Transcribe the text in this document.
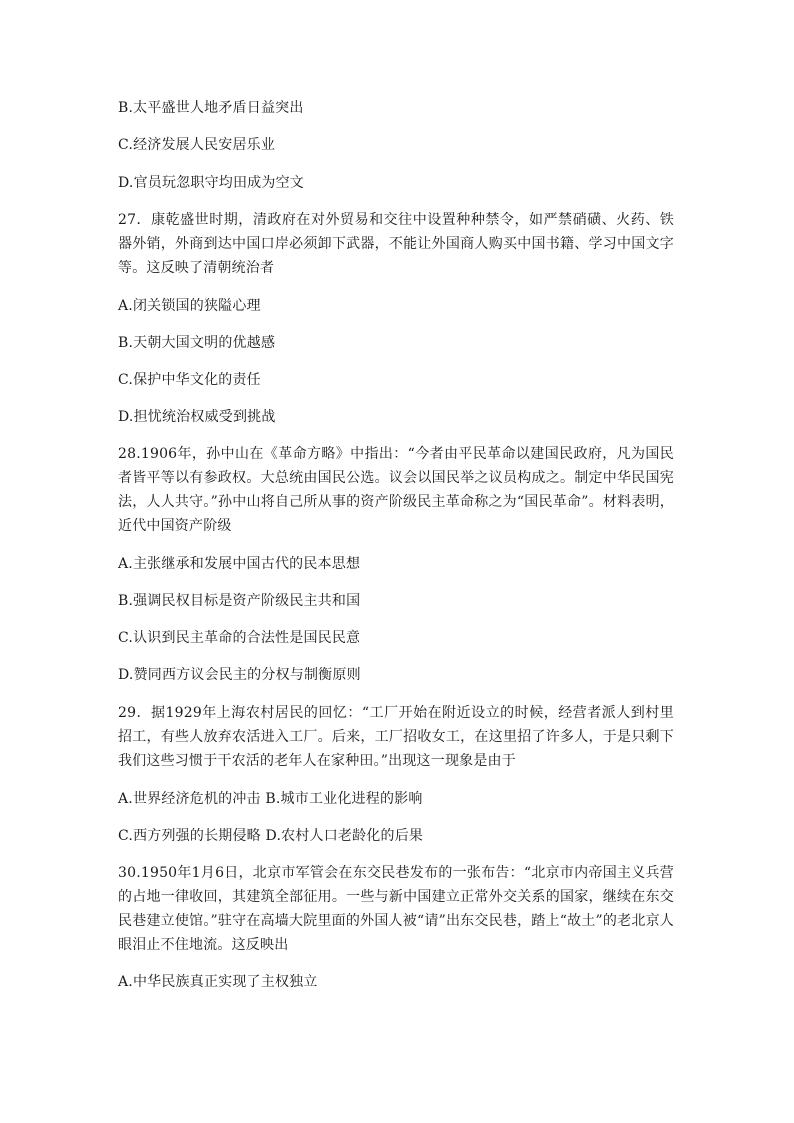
B.太平盛世人地矛盾日益突出
C.经济发展人民安居乐业
D.官员玩忽职守均田成为空文
27．康乾盛世时期，清政府在对外贸易和交往中设置种种禁令，如严禁硝磺、火药、铁器外销，外商到达中国口岸必须卸下武器，不能让外国商人购买中国书籍、学习中国文字等。这反映了清朝统治者
A.闭关锁国的狭隘心理
B.天朝大国文明的优越感
C.保护中华文化的责任
D.担忧统治权威受到挑战
28.1906年，孙中山在《革命方略》中指出：“今者由平民革命以建国民政府，凡为国民者皆平等以有参政权。大总统由国民公选。议会以国民举之议员构成之。制定中华民国宪法，人人共守。”孙中山将自己所从事的资产阶级民主革命称之为“国民革命”。材料表明，近代中国资产阶级
A.主张继承和发展中国古代的民本思想
B.强调民权目标是资产阶级民主共和国
C.认识到民主革命的合法性是国民民意
D.赞同西方议会民主的分权与制衡原则
29．据1929年上海农村居民的回忆：“工厂开始在附近设立的时候，经营者派人到村里招工，有些人放弃农活进入工厂。后来，工厂招收女工，在这里招了许多人，于是只剩下我们这些习惯于干农活的老年人在家种田。”出现这一现象是由于
A.世界经济危机的冲击 B.城市工业化进程的影响
C.西方列强的长期侵略 D.农村人口老龄化的后果
30.1950年1月6日，北京市军管会在东交民巷发布的一张布告：“北京市内帝国主义兵营的占地一律收回，其建筑全部征用。一些与新中国建立正常外交关系的国家，继续在东交民巷建立使馆。”驻守在高墙大院里面的外国人被“请”出东交民巷，踏上“故土”的老北京人眼泪止不住地流。这反映出
A.中华民族真正实现了主权独立
